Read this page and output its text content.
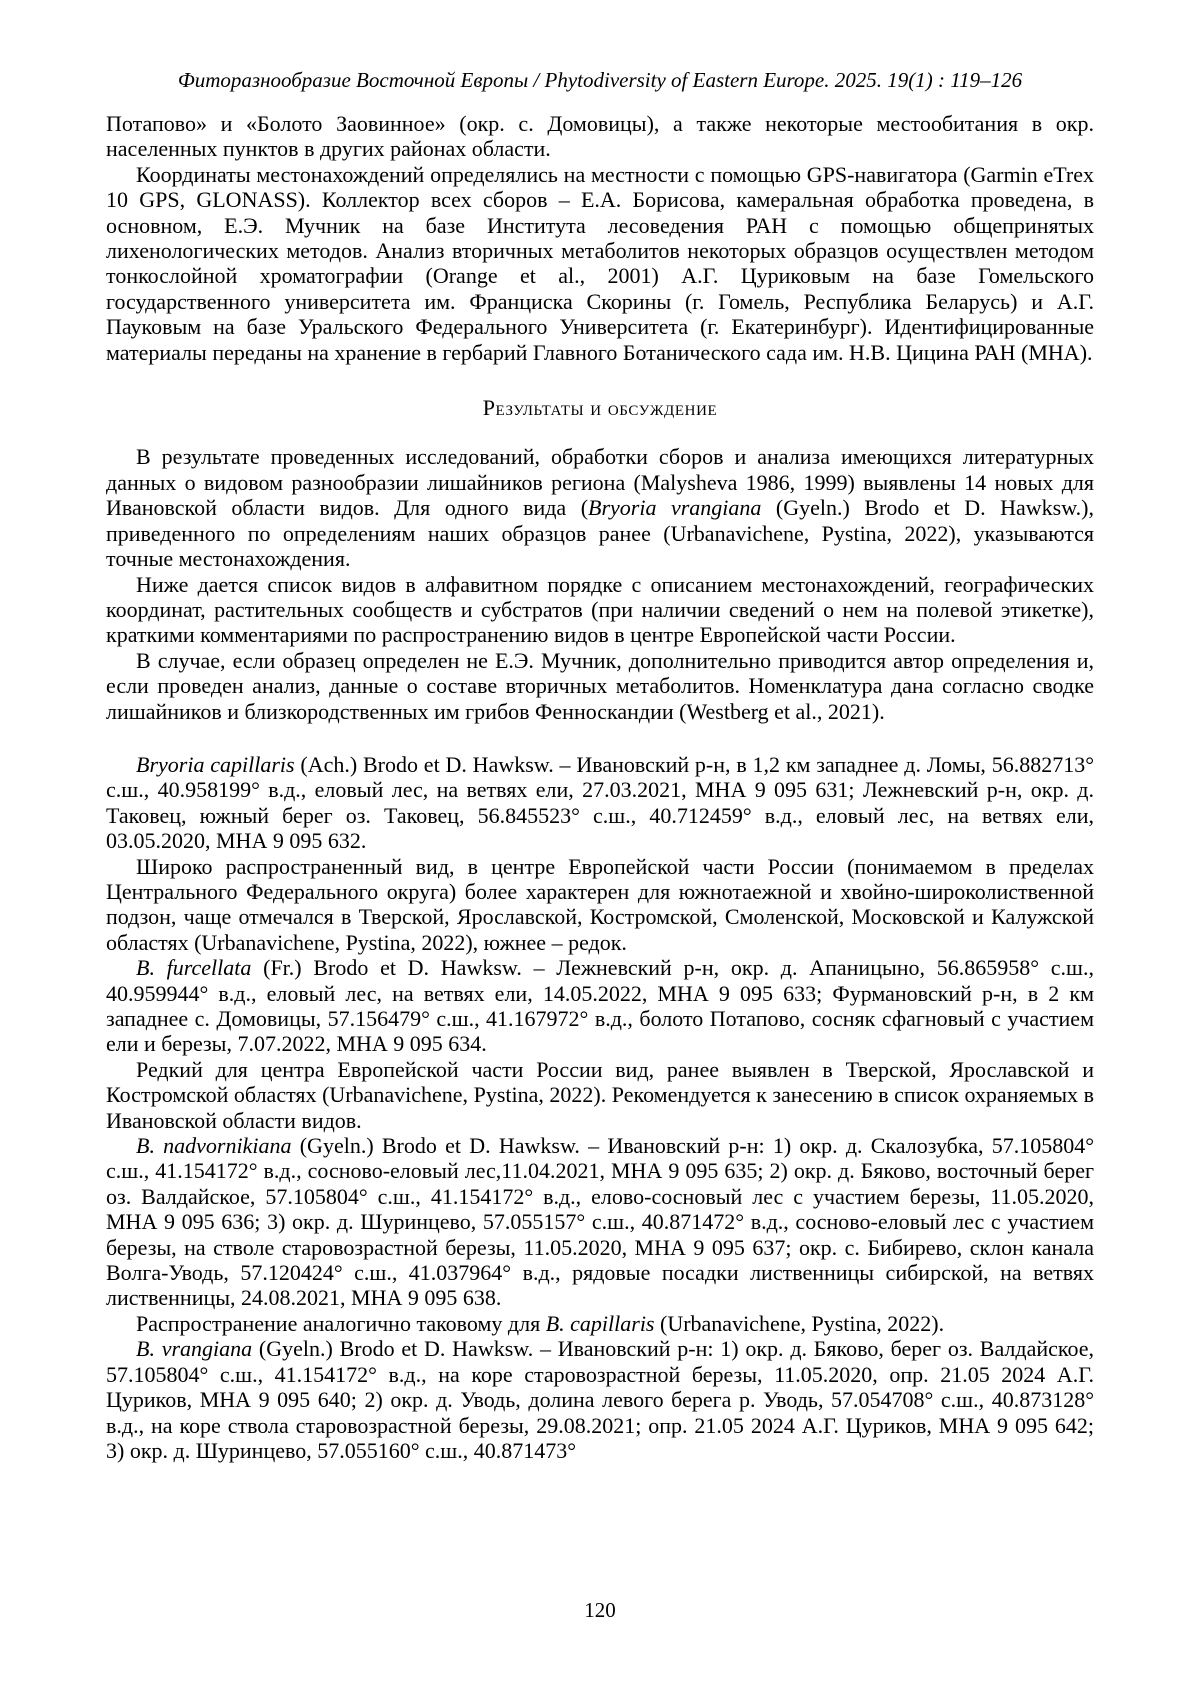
Фиторазнообразие Восточной Европы / Phytodiversity of Eastern Europe. 2025. 19(1) : 119–126

Потапово» и «Болото Заовинное» (окр. с. Домовицы), а также некоторые местообитания в окр. населенных пунктов в других районах области.

Координаты местонахождений определялись на местности с помощью GPS-навигатора (Garmin eTrex 10 GPS, GLONASS). Коллектор всех сборов – Е.А. Борисова, камеральная обработка проведена, в основном, Е.Э. Мучник на базе Института лесоведения РАН с помощью общепринятых лихенологических методов. Анализ вторичных метаболитов некоторых образцов осуществлен методом тонкослойной хроматографии (Orange et al., 2001) А.Г. Цуриковым на базе Гомельского государственного университета им. Франциска Скорины (г. Гомель, Республика Беларусь) и А.Г. Пауковым на базе Уральского Федерального Университета (г. Екатеринбург). Идентифицированные материалы переданы на хранение в гербарий Главного Ботанического сада им. Н.В. Цицина РАН (МНА).

Результаты и обсуждение

В результате проведенных исследований, обработки сборов и анализа имеющихся литературных данных о видовом разнообразии лишайников региона (Malysheva 1986, 1999) выявлены 14 новых для Ивановской области видов. Для одного вида (Bryoria vrangiana (Gyeln.) Brodo et D. Hawksw.), приведенного по определениям наших образцов ранее (Urbanavichene, Pystina, 2022), указываются точные местонахождения.

Ниже дается список видов в алфавитном порядке с описанием местонахождений, географических координат, растительных сообществ и субстратов (при наличии сведений о нем на полевой этикетке), краткими комментариями по распространению видов в центре Европейской части России.

В случае, если образец определен не Е.Э. Мучник, дополнительно приводится автор определения и, если проведен анализ, данные о составе вторичных метаболитов. Номенклатура дана согласно сводке лишайников и близкородственных им грибов Фенноскандии (Westberg et al., 2021).

Bryoria capillaris (Ach.) Brodo et D. Hawksw. – Ивановский р-н, в 1,2 км западнее д. Ломы, 56.882713° с.ш., 40.958199° в.д., еловый лес, на ветвях ели, 27.03.2021, МНА 9 095 631; Лежневский р-н, окр. д. Таковец, южный берег оз. Таковец, 56.845523° с.ш., 40.712459° в.д., еловый лес, на ветвях ели, 03.05.2020, МНА 9 095 632.

Широко распространенный вид, в центре Европейской части России (понимаемом в пределах Центрального Федерального округа) более характерен для южнотаежной и хвойно-широколиственной подзон, чаще отмечался в Тверской, Ярославской, Костромской, Смоленской, Московской и Калужской областях (Urbanavichene, Pystina, 2022), южнее – редок.

B. furcellata (Fr.) Brodo et D. Hawksw. – Лежневский р-н, окр. д. Апаницыно, 56.865958° с.ш., 40.959944° в.д., еловый лес, на ветвях ели, 14.05.2022, МНА 9 095 633; Фурмановский р-н, в 2 км западнее с. Домовицы, 57.156479° с.ш., 41.167972° в.д., болото Потапово, сосняк сфагновый с участием ели и березы, 7.07.2022, МНА 9 095 634.

Редкий для центра Европейской части России вид, ранее выявлен в Тверской, Ярославской и Костромской областях (Urbanavichene, Pystina, 2022). Рекомендуется к занесению в список охраняемых в Ивановской области видов.

B. nadvornikiana (Gyeln.) Brodo et D. Hawksw. – Ивановский р-н: 1) окр. д. Скалозубка, 57.105804° с.ш., 41.154172° в.д., сосново-еловый лес,11.04.2021, МНА 9 095 635; 2) окр. д. Бяково, восточный берег оз. Валдайское, 57.105804° с.ш., 41.154172° в.д., елово-сосновый лес с участием березы, 11.05.2020, МНА 9 095 636; 3) окр. д. Шуринцево, 57.055157° с.ш., 40.871472° в.д., сосново-еловый лес с участием березы, на стволе старовозрастной березы, 11.05.2020, МНА 9 095 637; окр. с. Бибирево, склон канала Волга-Уводь, 57.120424° с.ш., 41.037964° в.д., рядовые посадки лиственницы сибирской, на ветвях лиственницы, 24.08.2021, МНА 9 095 638.

Распространение аналогично таковому для B. capillaris (Urbanavichene, Pystina, 2022).

B. vrangiana (Gyeln.) Brodo et D. Hawksw. – Ивановский р-н: 1) окр. д. Бяково, берег оз. Валдайское, 57.105804° с.ш., 41.154172° в.д., на коре старовозрастной березы, 11.05.2020, опр. 21.05 2024 А.Г. Цуриков, МНА 9 095 640; 2) окр. д. Уводь, долина левого берега р. Уводь, 57.054708° с.ш., 40.873128° в.д., на коре ствола старовозрастной березы, 29.08.2021; опр. 21.05 2024 А.Г. Цуриков, МНА 9 095 642; 3) окр. д. Шуринцево, 57.055160° с.ш., 40.871473°

120
